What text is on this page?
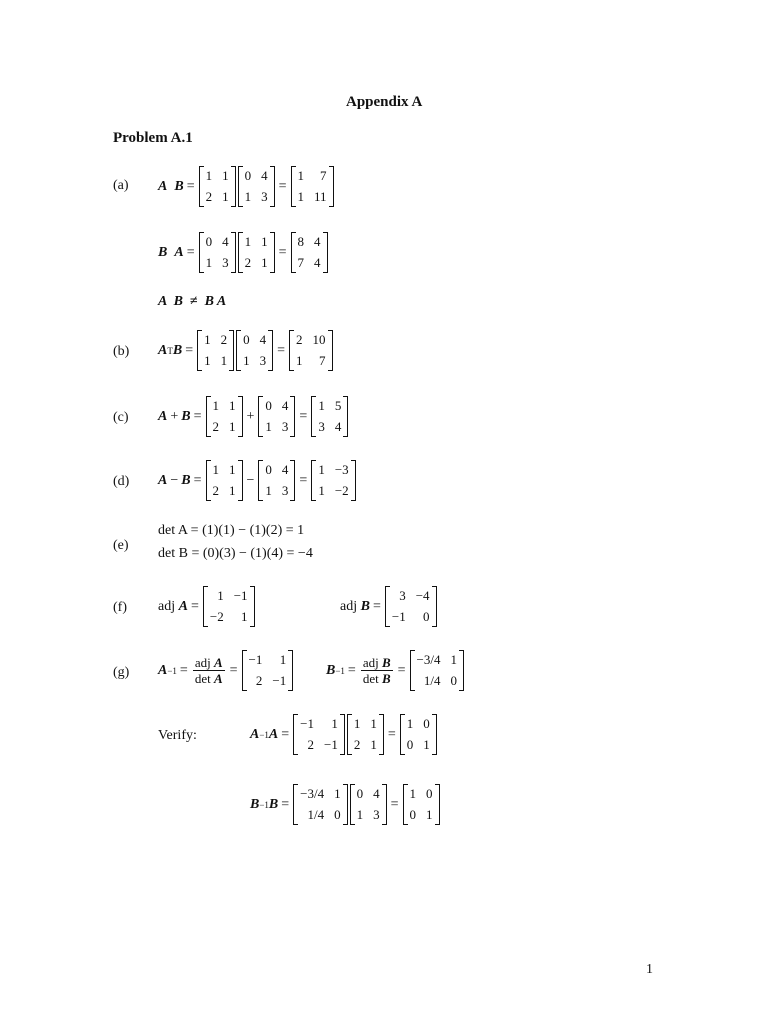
Appendix A
Problem A.1
(a) A  B =
1 1
2 1
0 4
1 3
=
1	7
1 11
B  A =
0 4
1 3
1 1
2 1
=
8 4
7 4
A  B  ≠  B A
(b) A T B =
1 2
1 1
0 4
1 3
=
2 10
1	7
(c) A + B =
1 1
2 1
+
0 4
1 3
=
1 5
3 4
(d) A − B =
1 1
2 1
−
0 4
1 3
=
1 −3
1 −2
(e)
det A = (1)(1) − (1)(2) = 1
det B = (0)(3) − (1)(4) = −4
(f) adj
A =
1 −1
−2	1
adj
B =
3 −4
−1	0
(g) $A -1 = \frac{\text{adj A}}{\text{det A}}$ =
−1	1
2 −1
$B -1 = \frac{\text{adj B}}{\text{det B}}$ =
−3/4 1
1/4 0
Verify:	A −1 A =
−1	1
2 −1
1 1
2 1
=
1 0
0 1
B −1 B =
−3/4 1
1/4 0
0 4
1 3
=
1 0
0 1
1
